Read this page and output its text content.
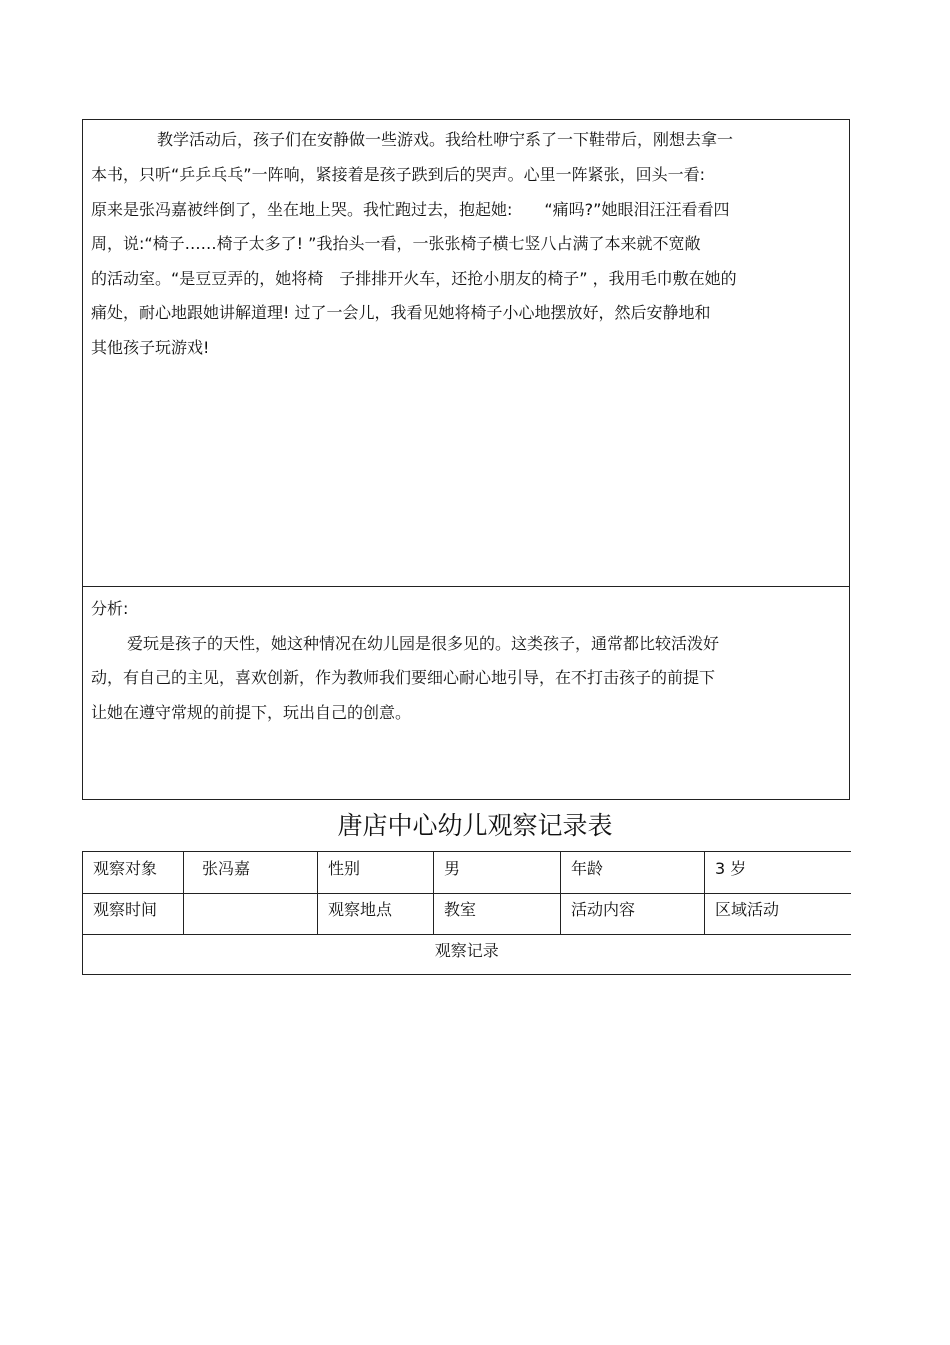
教学活动后，孩子们在安静做一些游戏。我给杜咿宁系了一下鞋带后，刚想去拿一
本书，只听“乒乒乓乓”一阵响，紧接着是孩子跌到后的哭声。心里一阵紧张，回头一看:
原来是张冯嘉被绊倒了，坐在地上哭。我忙跑过去，抱起她:　　“痛吗?”她眼泪汪汪看看四
周，说:“椅子……椅子太多了! ”我抬头一看，一张张椅子横七竖八占满了本来就不宽敞
的活动室。“是豆豆弄的，她将椅　子排排开火车，还抢小朋友的椅子” ，我用毛巾敷在她的
痛处，耐心地跟她讲解道理! 过了一会儿，我看见她将椅子小心地摆放好，然后安静地和
其他孩子玩游戏!
分析:
爱玩是孩子的天性，她这种情况在幼儿园是很多见的。这类孩子，通常都比较活泼好
动，有自己的主见，喜欢创新，作为教师我们要细心耐心地引导，在不打击孩子的前提下
让她在遵守常规的前提下，玩出自己的创意。
唐店中心幼儿观察记录表
观察对象	张冯嘉	性别	男	年龄	3 岁
观察时间		观察地点	教室	活动内容	区域活动
观察记录					
